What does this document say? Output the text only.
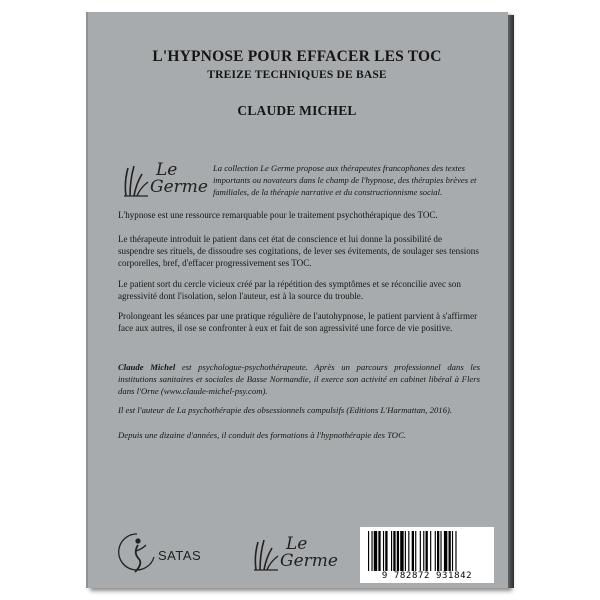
L'HYPNOSE POUR EFFACER LES TOC
TREIZE TECHNIQUES DE BASE
CLAUDE MICHEL
Le
Germe
La collection Le Germe propose aux thérapeutes francophones des textes importants ou novateurs dans le champ de l'hypnose, des thérapies brèves et familiales, de la thérapie narrative et du constructionnisme social.
L'hypnose est une ressource remarquable pour le traitement psychothérapique des TOC.
Le thérapeute introduit le patient dans cet état de conscience et lui donne la possibilité de suspendre ses rituels, de dissoudre ses cogitations, de lever ses évitements, de soulager ses tensions corporelles, bref, d'effacer progressivement ses TOC.
Le patient sort du cercle vicieux créé par la répétition des symptômes et se réconcilie avec son agressivité dont l'isolation, selon l'auteur, est à la source du trouble.
Prolongeant les séances par une pratique régulière de l'autohypnose, le patient parvient à s'affirmer face aux autres, il ose se confronter à eux et fait de son agressivité une force de vie positive.
Claude Michel est psychologue-psychothérapeute. Après un parcours professionnel dans les institutions sanitaires et sociales de Basse Normandie, il exerce son activité en cabinet libéral à Flers dans l'Orne (www.claude-michel-psy.com).
Il est l'auteur de La psychothérapie des obsessionnels compulsifs (Editions L'Harmattan, 2016).
Depuis une dizaine d'années, il conduit des formations à l'hypnothérapie des TOC.
SATAS
Le
Germe
9 782872 931842
